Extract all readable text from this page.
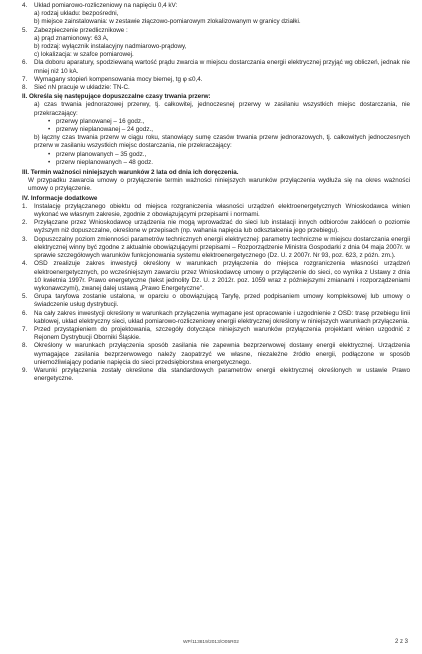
4.	Układ pomiarowo-rozliczeniowy na napięciu 0,4 kV:
a) rodzaj układu: bezpośredni,
b) miejsce zainstalowania: w zestawie złączowo-pomiarowym zlokalizowanym w granicy działki.
5.	Zabezpieczenie przedlicznikowe :
a) prąd znamionowy: 63 A,
b) rodzaj: wyłącznik instalacyjny nadmiarowo-prądowy,
c) lokalizacja: w szafce pomiarowej.
6.	Dla doboru aparatury, spodziewaną wartość prądu zwarcia w miejscu dostarczania energii elektrycznej przyjąć wg obliczeń, jednak nie mniej niż 10 kA.
7.	Wymagany stopień kompensowania mocy biernej, tg φ ≤0,4.
8.	Sieć nN pracuje w układzie: TN-C.
II. Określa się następujące dopuszczalne czasy trwania przerw:
a) czas trwania jednorazowej przerwy, tj. całkowitej, jednoczesnej przerwy w zasilaniu wszystkich miejsc dostarczania, nie przekraczający:
• przerwy planowanej – 16 godz.,
• przerwy nieplanowanej – 24 godz.,
b) łączny czas trwania przerw w ciągu roku, stanowiący sumę czasów trwania przerw jednorazowych, tj. całkowitych jednoczesnych przerw w zasilaniu wszystkich miejsc dostarczania, nie przekraczający:
• przerw planowanych – 35 godz.,
• przerw nieplanowanych – 48 godz.
III. Termin ważności niniejszych warunków 2 lata od dnia ich doręczenia.
W przypadku zawarcia umowy o przyłączenie termin ważności niniejszych warunków przyłączenia wydłuża się na okres ważności umowy o przyłączenie.
IV. Informacje dodatkowe
1.	Instalację przyłączanego obiektu od miejsca rozgraniczenia własności urządzeń elektroenergetycznych Wnioskodawca winien wykonać we własnym zakresie, zgodnie z obowiązującymi przepisami i normami.
2.	Przyłączane przez Wnioskodawcę urządzenia nie mogą wprowadzać do sieci lub instalacji innych odbiorców zakłóceń o poziomie wyższym niż dopuszczalne, określone w przepisach (np. wahania napięcia lub odkształcenia jego przebiegu).
3.	Dopuszczalny poziom zmienności parametrów technicznych energii elektrycznej: parametry techniczne w miejscu dostarczania energii elektrycznej winny być zgodne z aktualnie obowiązującymi przepisami – Rozporządzenie Ministra Gospodarki z dnia 04 maja 2007r. w sprawie szczegółowych warunków funkcjonowania systemu elektroenergetycznego (Dz. U. z 2007r. Nr 93, poz. 623, z późn. zm.).
4.	OSD zrealizuje zakres inwestycji określony w warunkach przyłączenia do miejsca rozgraniczenia własności urządzeń elektroenergetycznych, po wcześniejszym zawarciu przez Wnioskodawcę umowy o przyłączenie do sieci, co wynika z Ustawy z dnia 10 kwietnia 1997r. Prawo energetyczne (tekst jednolity Dz. U. z 2012r. poz. 1059 wraz z późniejszymi zmianami i rozporządzeniami wykonawczymi), zwanej dalej ustawą „Prawo Energetyczne".
5.	Grupa taryfowa zostanie ustalona, w oparciu o obowiązującą Taryfę, przed podpisaniem umowy kompleksowej lub umowy o świadczenie usług dystrybucji.
6.	Na cały zakres inwestycji określony w warunkach przyłączenia wymagane jest opracowanie i uzgodnienie z OSD: trasę przebiegu linii kablowej, układ elektryczny sieci, układ pomiarowo-rozliczeniowy energii elektrycznej określony w niniejszych warunkach przyłączenia.
7.	Przed przystąpieniem do projektowania, szczegóły dotyczące niniejszych warunków przyłączenia projektant winien uzgodnić z Rejonem Dystrybucji Oborniki Śląskie.
8.	Określony w warunkach przyłączenia sposób zasilania nie zapewnia bezprzerwowej dostawy energii elektrycznej. Urządzenia wymagające zasilania bezprzerwowego należy zaopatrzyć we własne, niezależne źródło energii, podłączone w sposób uniemożliwiający podanie napięcia do sieci przedsiębiorstwa energetycznego.
9.	Warunki przyłączenia zostały określone dla standardowych parametrów energii elektrycznej określonych w ustawie Prawo energetyczne.
WP/113819/2013/O05R02	2 z 3
